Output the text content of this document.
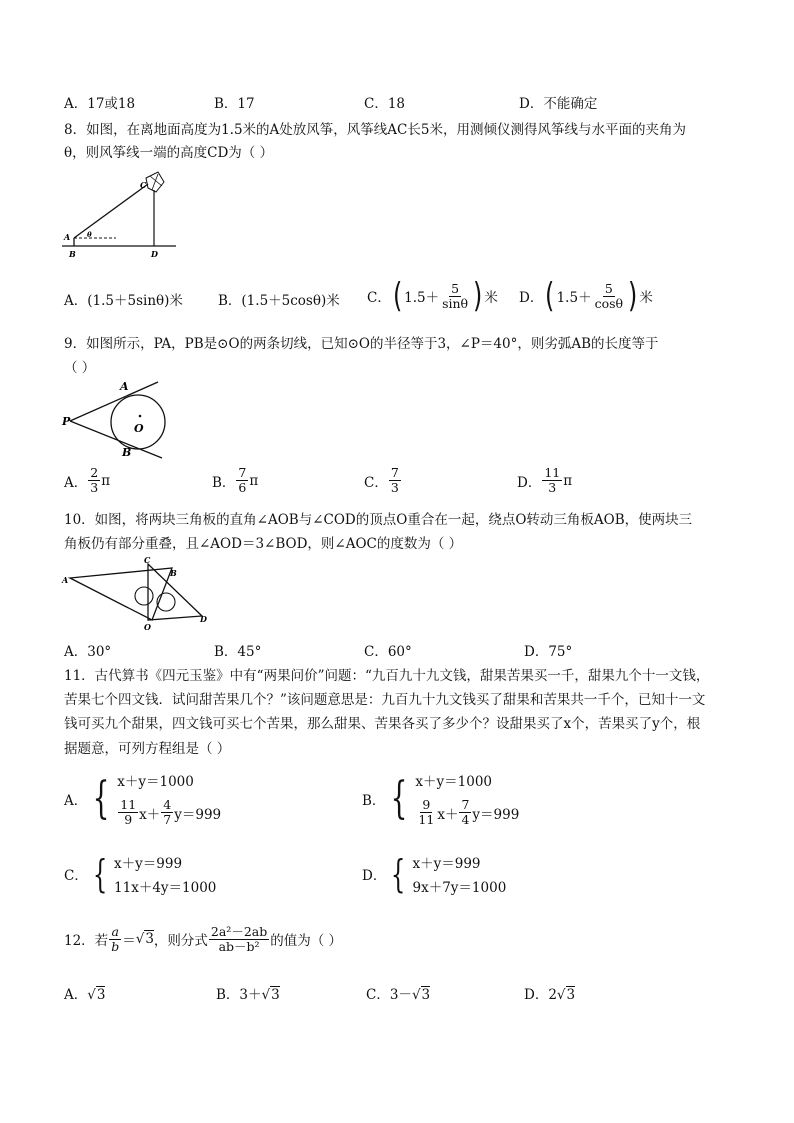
A．17或18	B．17	C．18	D．不能确定
8．如图，在离地面高度为1.5米的A处放风筝，风筝线AC长5米，用测倾仪测得风筝线与水平面的夹角为
θ，则风筝线一端的高度CD为（ ）
A
B
C
D
θ
A．(1.5＋5sinθ)米	B．(1.5＋5cosθ)米 C． ( $1.5+ \frac{5}{\sin\theta}$ ) 米 D． ( $1.5+ \frac{5}{\cos\theta}$ ) 米
9．如图所示，PA，PB是⊙O的两条切线，已知⊙O的半径等于3，∠P＝40°，则劣弧AB的长度等于
（ ）
P
A
B
O
A． $\frac{2}{3}$ π	B． $\frac{7}{6}$ π	C． $\frac{7}{3}$	D． $\frac{11}{3}$ π
10．如图，将两块三角板的直角∠AOB与∠COD的顶点O重合在一起，绕点O转动三角板AOB，使两块三
角板仍有部分重叠，且∠AOD＝3∠BOD，则∠AOC的度数为（ ）
A
C
B
D
O
A．30°	B．45°	C．60°	D．75°
11．古代算书《四元玉鉴》中有“两果问价”问题：“九百九十九文钱，甜果苦果买一千，甜果九个十一文钱，
苦果七个四文钱．试问甜苦果几个？”该问题意思是：九百九十九文钱买了甜果和苦果共一千个，已知十一文
钱可买九个甜果，四文钱可买七个苦果，那么甜果、苦果各买了多少个？设甜果买了x个，苦果买了y个，根
据题意，可列方程组是（ ）
A． { x＋y＝1000
$\frac{11}{9} x+ \frac{4}{7} y=999$
B． { x＋y＝1000
$\frac{9}{11} x+ \frac{7}{4} y=999$
C． { x＋y＝999
11x＋4y＝1000
D． { x＋y＝999
9x＋7y＝1000
12．若 $\frac{a}{b} = √3$ ，则分式 $\frac{\text{2a²－2ab}}{\text{ab－b²}}$ 的值为（ ）
A．√3	B．3＋√3	C．3－√3	D．2√3
